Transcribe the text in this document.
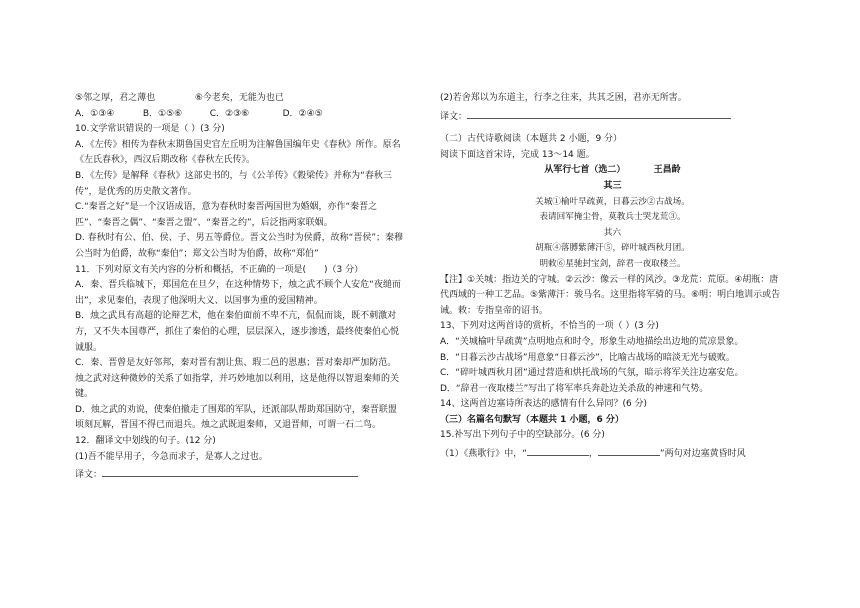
⑤邻之厚，君之薄也	⑥今老矣，无能为也已
A．①③④	B．①⑤⑥	C．②③⑥	D．②④⑤
10.文学常识错误的一项是（ ）(3 分)
A．《左传》相传为春秋末期鲁国史官左丘明为注解鲁国编年史《春秋》所作。原名《左氏春秋》，西汉后期改称《春秋左氏传》。
B．《左传》是解释《春秋》这部史书的，与《公羊传》《穀梁传》并称为“春秋三传”，是优秀的历史散文著作。
C.“秦晋之好”是一个汉语成语，意为春秋时秦晋两国世为婚姻，亦作“秦晋之匹”、“秦晋之偶”、“秦晋之盟”、“秦晋之约”，后泛指两家联姻。
D. 春秋时有公、伯、侯、子、男五等爵位。晋文公当时为侯爵，故称“晋侯”；秦穆公当时为伯爵，故称“秦伯”；郑文公当时为伯爵，故称“郑伯”
11．下列对原文有关内容的分析和概括，不正确的一项是(　　)（3 分）
A．秦、晋兵临城下，郑国危在旦夕，在这种情势下，烛之武不顾个人安危“夜缒而出”，求见秦伯，表现了他深明大义、以国事为重的爱国精神。
B．烛之武具有高超的论辩艺术，他在秦伯面前不卑不亢，侃侃而谈，既不刺激对方，又不失本国尊严，抓住了秦伯的心理，层层深入，逐步渗透，最终使秦伯心悦诚服。
C．秦、晋曾是友好邻邦，秦对晋有割让焦、瑕二邑的恩惠；晋对秦却严加防范。烛之武对这种微妙的关系了如指掌，并巧妙地加以利用，这是他得以智退秦师的关键。
D．烛之武的劝说，使秦伯撤走了围郑的军队，还派部队帮助郑国防守，秦晋联盟顷刻瓦解，晋国不得已而退兵。烛之武既退秦师，又退晋师，可谓一石二鸟。
12．翻译文中划线的句子。(12 分)
(1)吾不能早用子，今急而求子，是寡人之过也。
译文：
(2)若舍郑以为东道主，行李之往来，共其乏困，君亦无所害。
译文：
（二）古代诗歌阅读（本题共 2 小题，9 分）
阅读下面这首宋诗，完成 13～14 题。
从军行七首（选二）	王昌龄
其三
关城①榆叶早疏黄，日暮云沙②古战场。
表请回军掩尘骨，莫教兵士哭龙荒③。
其六
胡瓶④落膊紫薄汗⑤，碎叶城西秋月团。
明敕⑥星驰封宝剑，辞君一夜取楼兰。
【注】①关城：指边关的守城。②云沙：像云一样的风沙。③龙荒：荒原。④胡瓶：唐代西域的一种工艺品。⑤紫薄汗：骏马名。这里指将军骑的马。⑥明：明白地训示或告诫。敕：专指皇帝的诏书。
13、下列对这两首诗的赏析，不恰当的一项（ ）(3 分)
A．“关城榆叶早疏黄”点明地点和时令，形象生动地描绘出边地的荒凉景象。
B．“日暮云沙古战场”用意象“日暮云沙”，比喻古战场的暗淡无光与破败。
C．“碎叶城西秋月团”通过营造和烘托战场的气氛，暗示将军关注边塞安危。
D．“辞君一夜取楼兰”写出了将军率兵奔赴边关杀敌的神速和气势。
14、这两首边塞诗所表达的感情有什么异同？(6 分)
（三）名篇名句默写（本题共 1 小题，6 分）
15.补写出下列句子中的空缺部分。(6 分)
（1）《燕歌行》中，“	，	”两句对边塞黄昏时风
